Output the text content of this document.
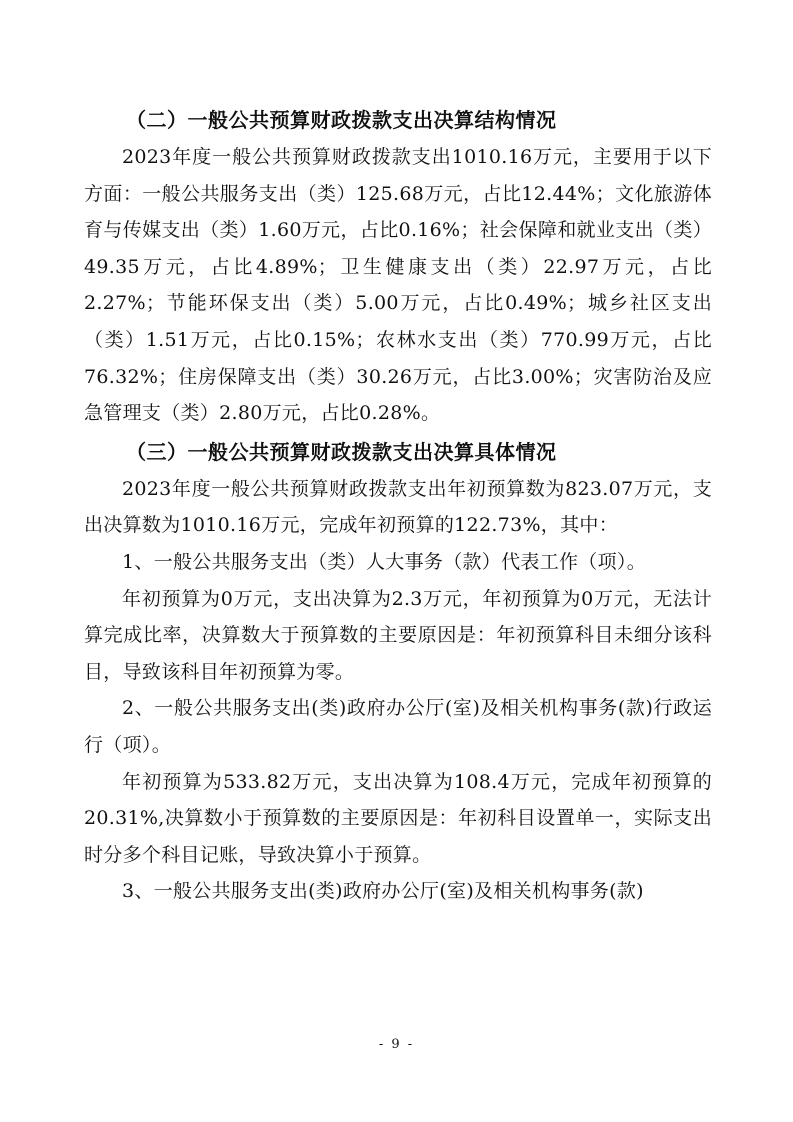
（二）一般公共预算财政拨款支出决算结构情况

2023年度一般公共预算财政拨款支出1010.16万元，主要用于以下方面：一般公共服务支出（类）125.68万元，占比12.44%；文化旅游体育与传媒支出（类）1.60万元，占比0.16%；社会保障和就业支出（类）49.35万元，占比4.89%；卫生健康支出（类）22.97万元，占比2.27%；节能环保支出（类）5.00万元，占比0.49%；城乡社区支出（类）1.51万元，占比0.15%；农林水支出（类）770.99万元，占比76.32%；住房保障支出（类）30.26万元，占比3.00%；灾害防治及应急管理支（类）2.80万元，占比0.28%。

（三）一般公共预算财政拨款支出决算具体情况

2023年度一般公共预算财政拨款支出年初预算数为823.07万元，支出决算数为1010.16万元，完成年初预算的122.73%，其中：

1、一般公共服务支出（类）人大事务（款）代表工作（项）。

年初预算为0万元，支出决算为2.3万元，年初预算为0万元，无法计算完成比率，决算数大于预算数的主要原因是：年初预算科目未细分该科目，导致该科目年初预算为零。

2、一般公共服务支出(类)政府办公厅(室)及相关机构事务(款)行政运行（项）。

年初预算为533.82万元，支出决算为108.4万元，完成年初预算的20.31%,决算数小于预算数的主要原因是：年初科目设置单一，实际支出时分多个科目记账，导致决算小于预算。

3、一般公共服务支出(类)政府办公厅(室)及相关机构事务(款)

- 9 -
